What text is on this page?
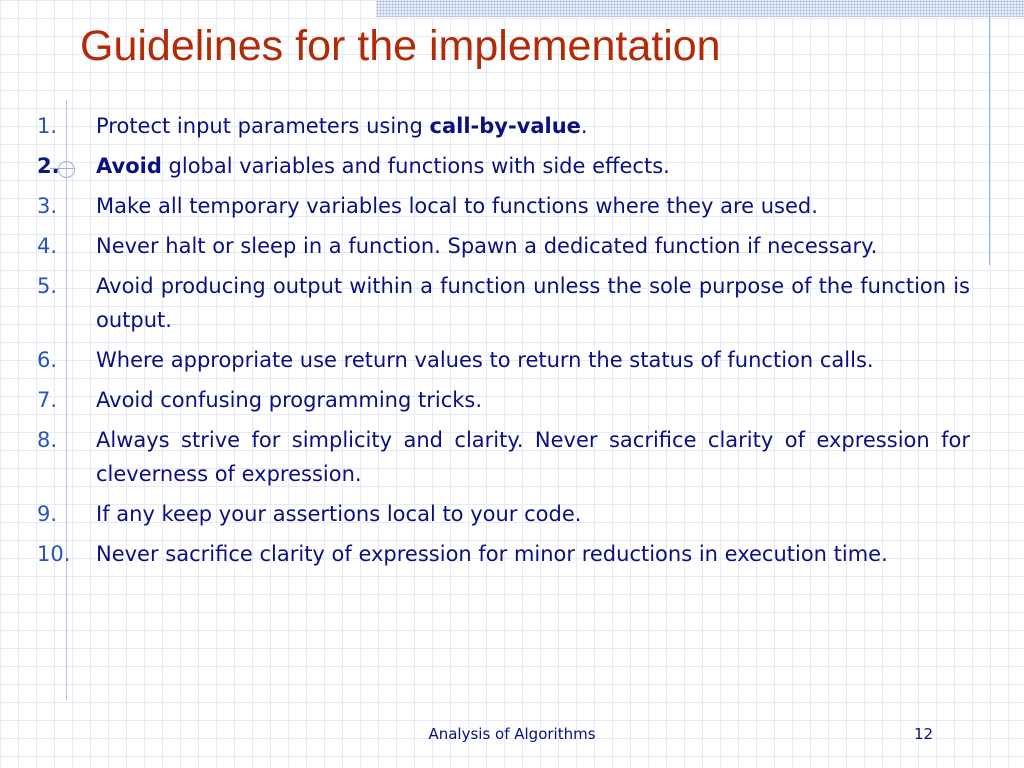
Guidelines for the implementation
1. Protect input parameters using call-by-value.
2. Avoid global variables and functions with side effects.
3. Make all temporary variables local to functions where they are used.
4. Never halt or sleep in a function. Spawn a dedicated function if necessary.
5. Avoid producing output within a function unless the sole purpose of the function is output.
6. Where appropriate use return values to return the status of function calls.
7. Avoid confusing programming tricks.
8. Always strive for simplicity and clarity. Never sacrifice clarity of expression for cleverness of expression.
9. If any keep your assertions local to your code.
10. Never sacrifice clarity of expression for minor reductions in execution time.
Analysis of Algorithms	12
